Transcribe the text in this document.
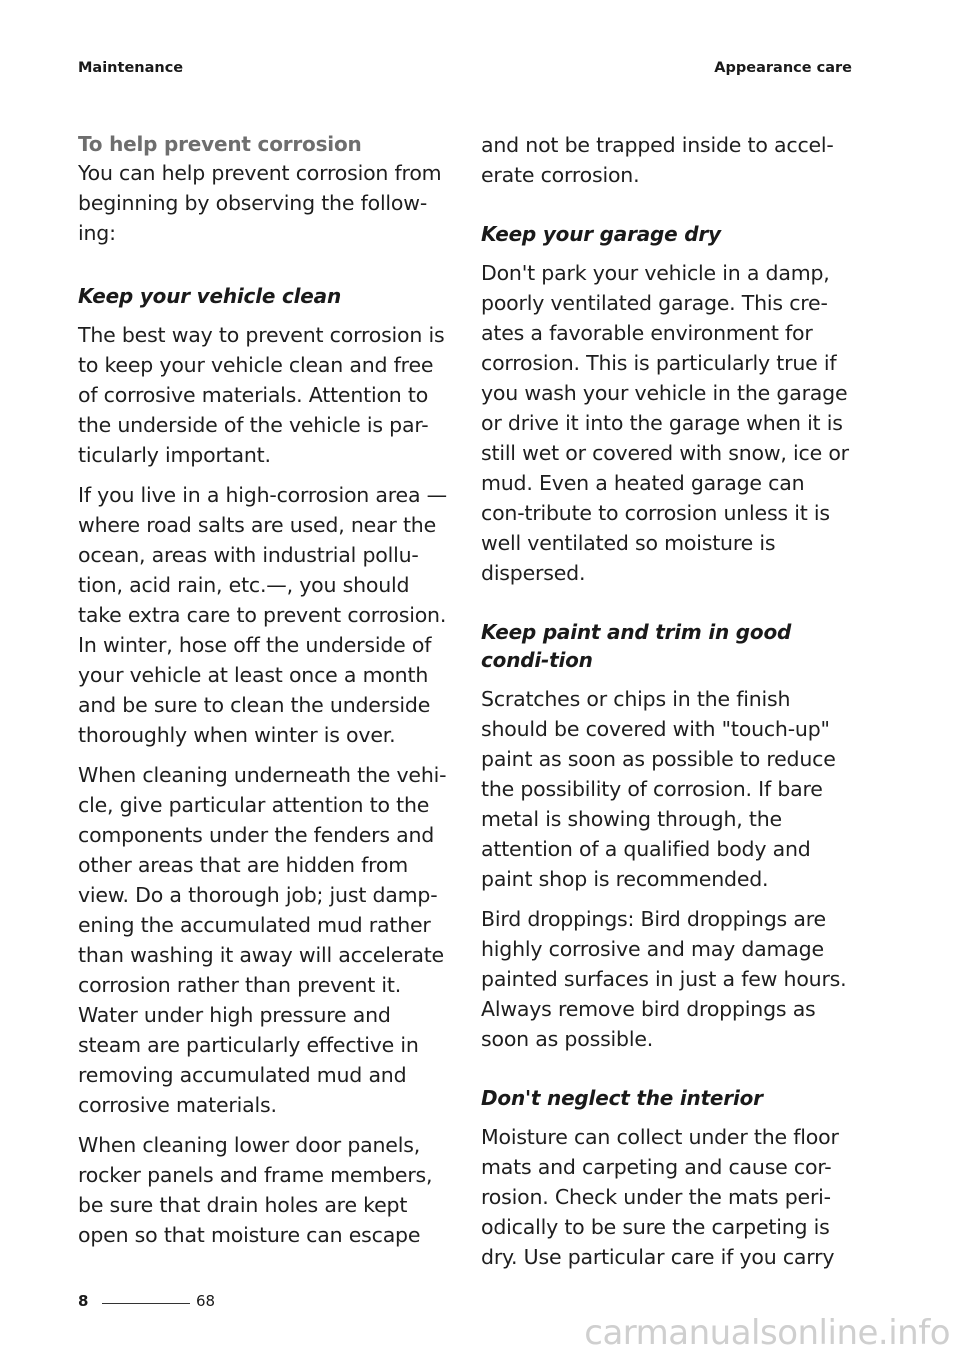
Maintenance	Appearance care

To help prevent corrosion
You can help prevent corrosion from beginning by observing the follow-ing:

Keep your vehicle clean

The best way to prevent corrosion is to keep your vehicle clean and free of corrosive materials. Attention to the underside of the vehicle is par-ticularly important.

If you live in a high-corrosion area — where road salts are used, near the ocean, areas with industrial pollu-tion, acid rain, etc.—, you should take extra care to prevent corrosion. In winter, hose off the underside of your vehicle at least once a month and be sure to clean the underside thoroughly when winter is over.

When cleaning underneath the vehi-cle, give particular attention to the components under the fenders and other areas that are hidden from view. Do a thorough job; just damp-ening the accumulated mud rather than washing it away will accelerate corrosion rather than prevent it. Water under high pressure and steam are particularly effective in removing accumulated mud and corrosive materials.

When cleaning lower door panels, rocker panels and frame members, be sure that drain holes are kept open so that moisture can escape

and not be trapped inside to accel-erate corrosion.

Keep your garage dry

Don't park your vehicle in a damp, poorly ventilated garage. This cre-ates a favorable environment for corrosion. This is particularly true if you wash your vehicle in the garage or drive it into the garage when it is still wet or covered with snow, ice or mud. Even a heated garage can con-tribute to corrosion unless it is well ventilated so moisture is dispersed.

Keep paint and trim in good condi-tion

Scratches or chips in the finish should be covered with "touch-up" paint as soon as possible to reduce the possibility of corrosion. If bare metal is showing through, the attention of a qualified body and paint shop is recommended.

Bird droppings: Bird droppings are highly corrosive and may damage painted surfaces in just a few hours. Always remove bird droppings as soon as possible.

Don't neglect the interior

Moisture can collect under the floor mats and carpeting and cause cor-rosion. Check under the mats peri-odically to be sure the carpeting is dry. Use particular care if you carry

8	68
carmanualsonline.info
